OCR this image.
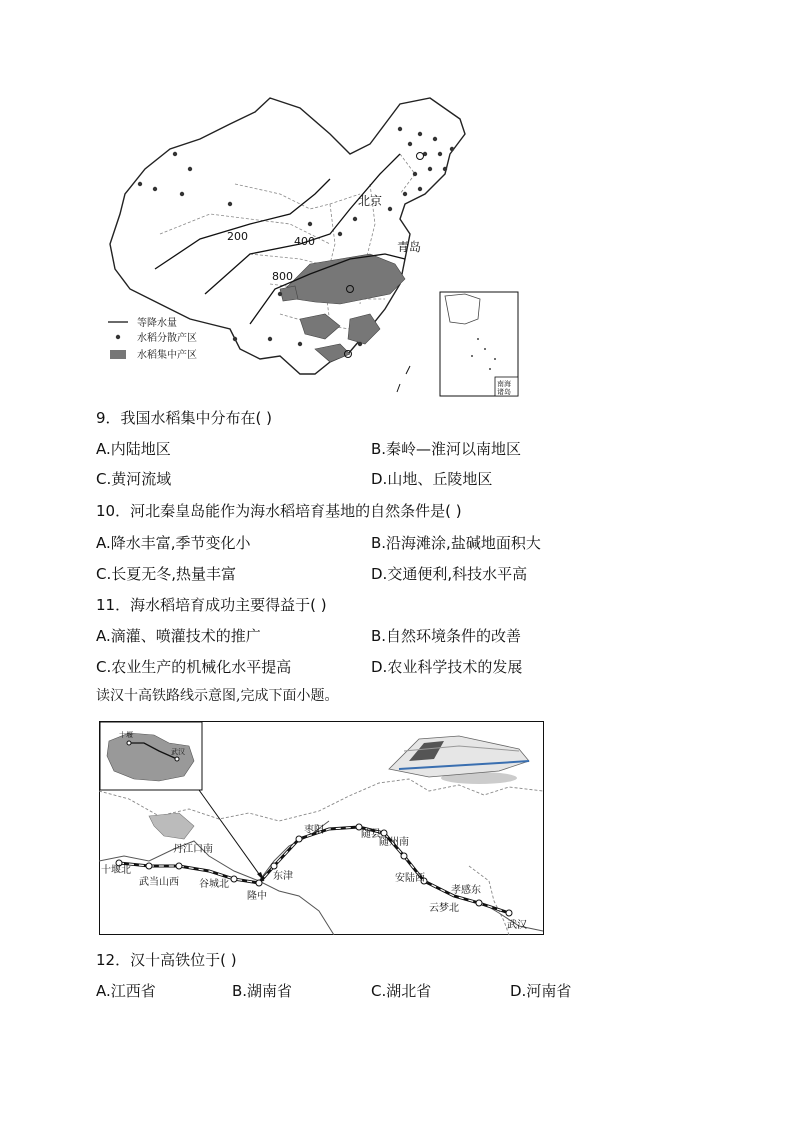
北京
青岛
200	400
800
等降水量
水稻分散产区
水稻集中产区
南海
诸岛
9．我国水稻集中分布在( )
A.内陆地区	B.秦岭—淮河以南地区
C.黄河流域	D.山地、丘陵地区
10．河北秦皇岛能作为海水稻培育基地的自然条件是( )
A.降水丰富,季节变化小	B.沿海滩涂,盐碱地面积大
C.长夏无冬,热量丰富	D.交通便利,科技水平高
11．海水稻培育成功主要得益于( )
A.滴灌、喷灌技术的推广	B.自然环境条件的改善
C.农业生产的机械化水平提高	D.农业科学技术的发展
读汉十高铁路线示意图,完成下面小题。
十堰北
武当山西
丹江口南
谷城北
隆中
东津
枣阳	随县
随州南
安陆西
云梦北
孝感东
武汉
十堰
武汉
12．汉十高铁位于( )
A.江西省	B.湖南省	C.湖北省	D.河南省
